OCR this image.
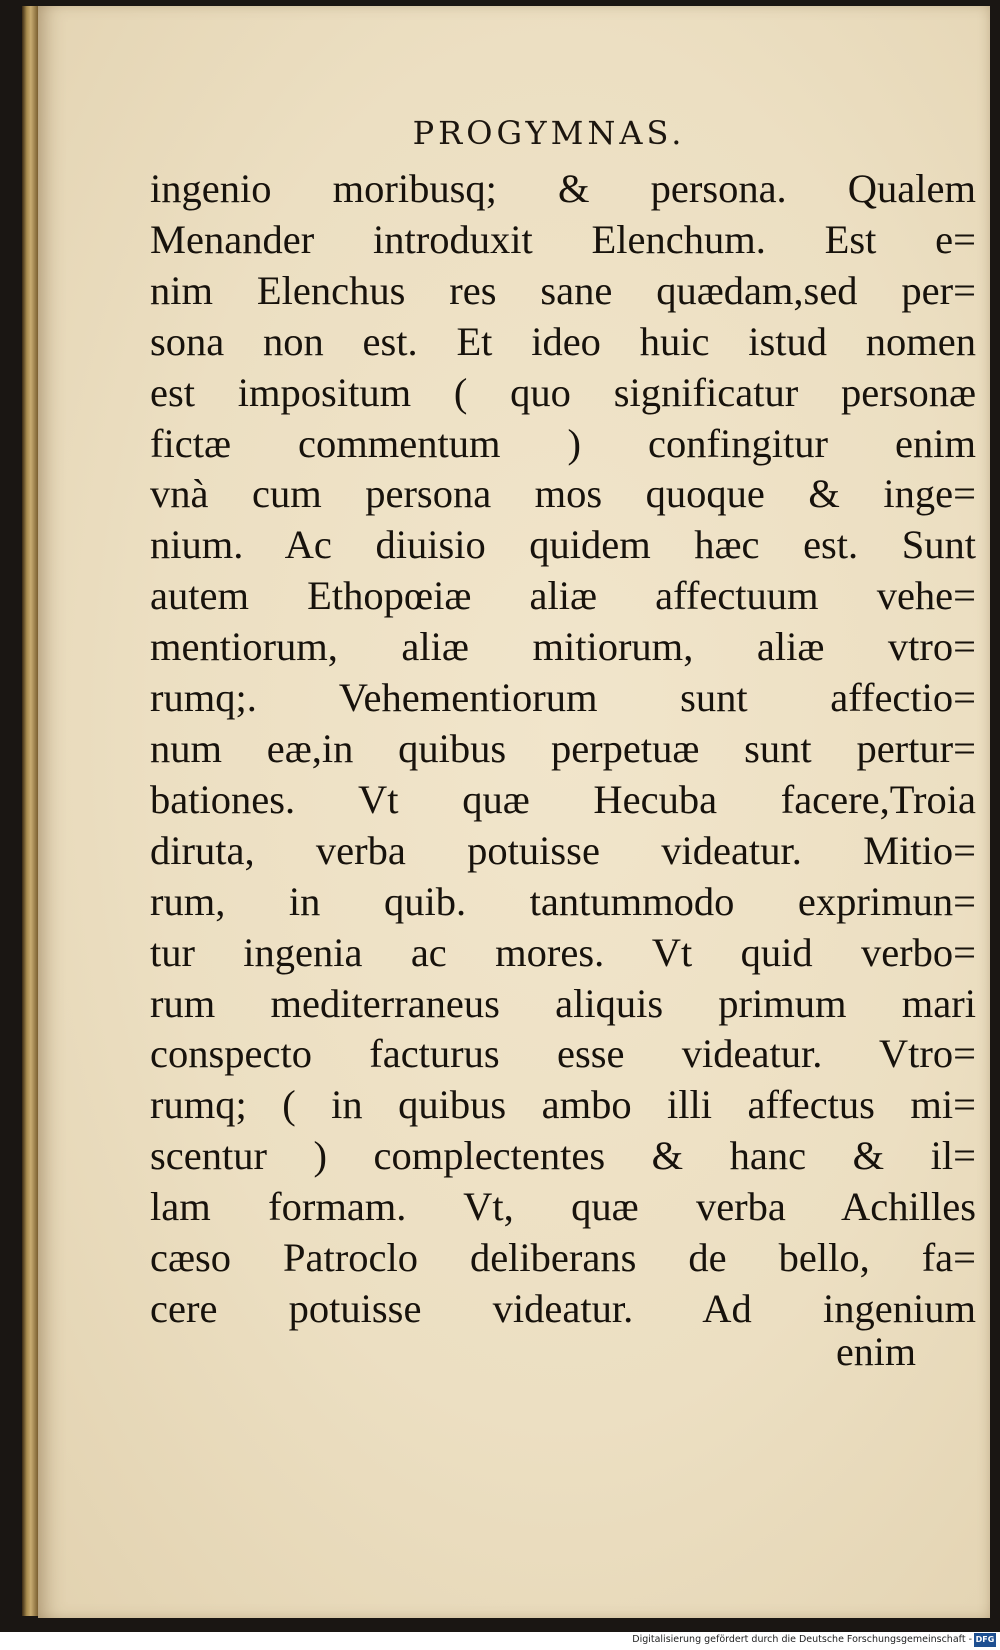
PROGYMNAS.
ingenio moribusq; & persona. Qualem
Menander introduxit Elenchum. Est e=
nim Elenchus res sane quædam,sed per=
sona non est. Et ideo huic istud nomen
est impositum ( quo significatur personæ
fictæ commentum ) confingitur enim
vnà cum persona mos quoque & inge=
nium. Ac diuisio quidem hæc est. Sunt
autem Ethopœiæ aliæ affectuum vehe=
mentiorum, aliæ mitiorum, aliæ vtro=
rumq;. Vehementiorum sunt affectio=
num eæ,in quibus perpetuæ sunt pertur=
bationes. Vt quæ Hecuba facere,Troia
diruta, verba potuisse videatur. Mitio=
rum, in quib. tantummodo exprimun=
tur ingenia ac mores. Vt quid verbo=
rum mediterraneus aliquis primum mari
conspecto facturus esse videatur. Vtro=
rumq; ( in quibus ambo illi affectus mi=
scentur ) complectentes & hanc & il=
lam formam. Vt, quæ verba Achilles
cæso Patroclo deliberans de bello, fa=
cere potuisse videatur. Ad ingenium
enim
Digitalisierung gefördert durch die Deutsche Forschungsgemeinschaft - DFG
